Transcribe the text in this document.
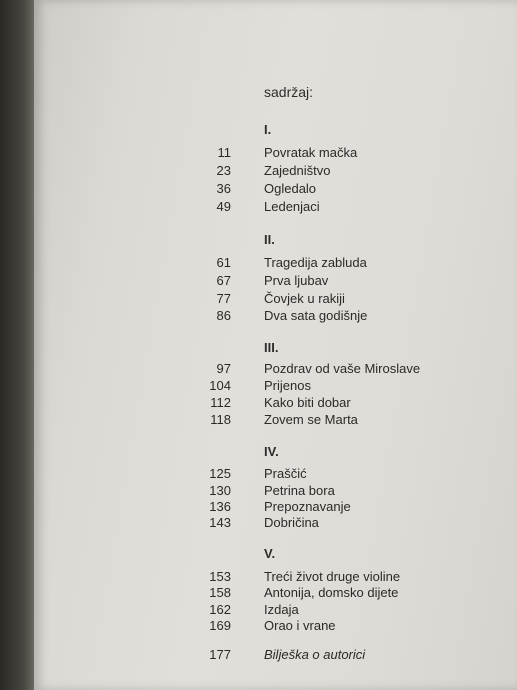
sadržaj:
I.
11	Povratak mačka
23	Zajedništvo
36	Ogledalo
49	Ledenjaci
II.
61	Tragedija zabluda
67	Prva ljubav
77	Čovjek u rakiji
86	Dva sata godišnje
III.
97	Pozdrav od vaše Miroslave
104	Prijenos
112	Kako biti dobar
118	Zovem se Marta
IV.
125	Praščić
130	Petrina bora
136	Prepoznavanje
143	Dobričina
V.
153	Treći život druge violine
158	Antonija, domsko dijete
162	Izdaja
169	Orao i vrane
177	Bilješka o autorici
